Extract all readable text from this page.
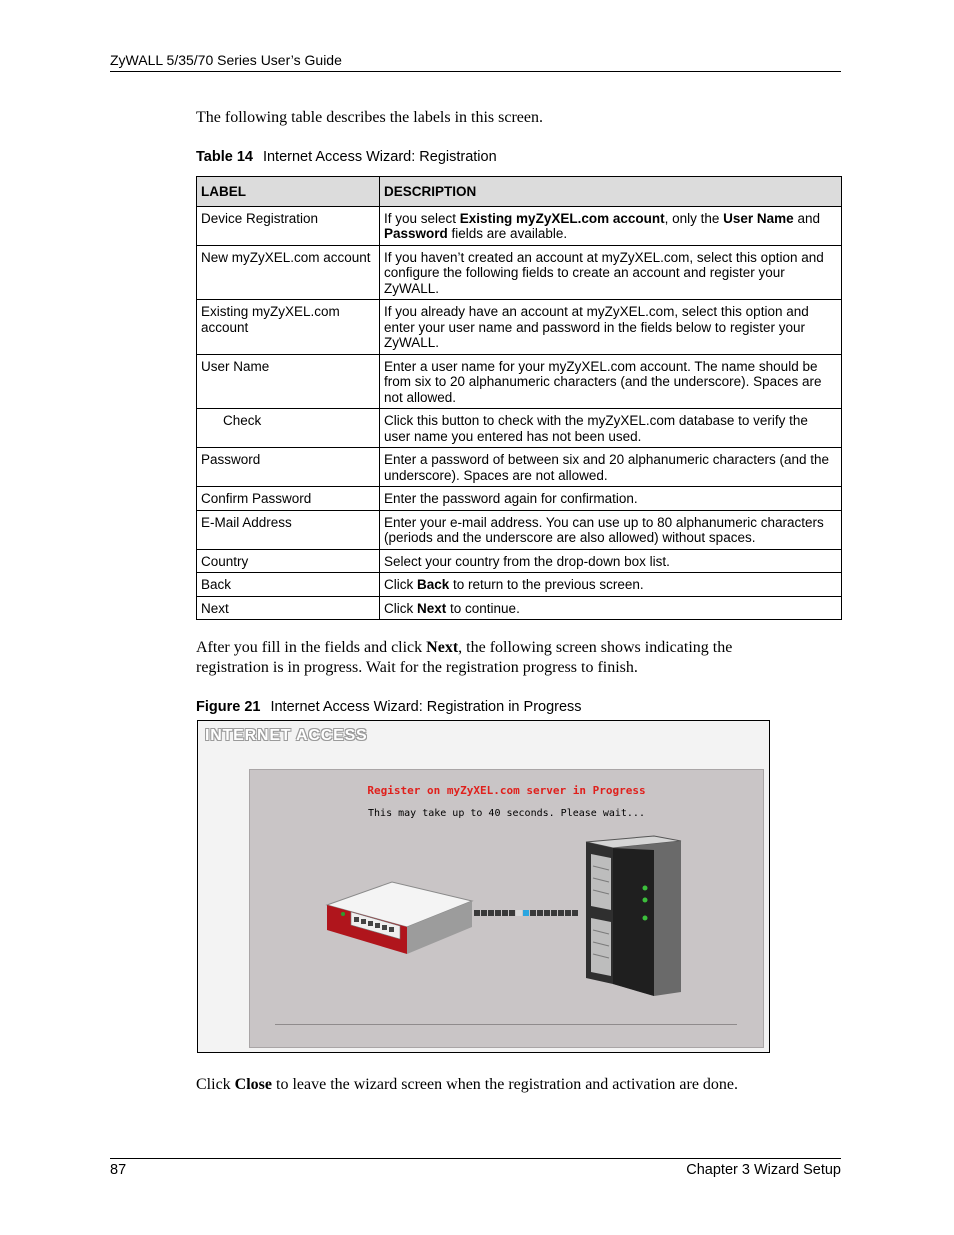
ZyWALL 5/35/70 Series User’s Guide

The following table describes the labels in this screen.

Table 14 Internet Access Wizard: Registration
LABEL	DESCRIPTION
Device Registration	If you select Existing myZyXEL.com account, only the User Name and Password fields are available.
New myZyXEL.com account	If you haven’t created an account at myZyXEL.com, select this option and configure the following fields to create an account and register your ZyWALL.
Existing myZyXEL.com account	If you already have an account at myZyXEL.com, select this option and enter your user name and password in the fields below to register your ZyWALL.
User Name	Enter a user name for your myZyXEL.com account. The name should be from six to 20 alphanumeric characters (and the underscore). Spaces are not allowed.
Check	Click this button to check with the myZyXEL.com database to verify the user name you entered has not been used.
Password	Enter a password of between six and 20 alphanumeric characters (and the underscore). Spaces are not allowed.
Confirm Password	Enter the password again for confirmation.
E-Mail Address	Enter your e-mail address. You can use up to 80 alphanumeric characters (periods and the underscore are also allowed) without spaces.
Country	Select your country from the drop-down box list.
Back	Click Back to return to the previous screen.
Next	Click Next to continue.

After you fill in the fields and click Next, the following screen shows indicating the registration is in progress. Wait for the registration progress to finish.

Figure 21 Internet Access Wizard: Registration in Progress
INTERNET ACCESS
Register on myZyXEL.com server in Progress
This may take up to 40 seconds. Please wait...

Click Close to leave the wizard screen when the registration and activation are done.

87	Chapter 3 Wizard Setup
